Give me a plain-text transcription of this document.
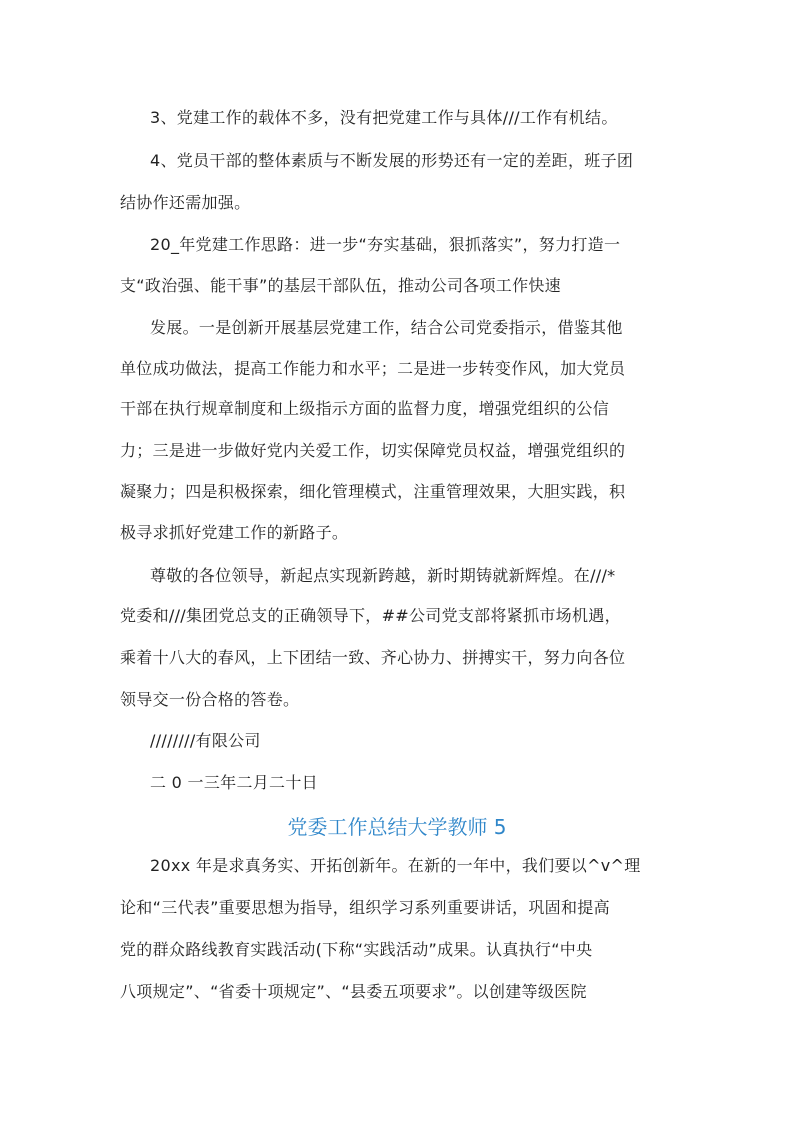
3、党建工作的载体不多，没有把党建工作与具体///工作有机结。
4、党员干部的整体素质与不断发展的形势还有一定的差距，班子团
结协作还需加强。
20_年党建工作思路：进一步“夯实基础，狠抓落实”，努力打造一
支“政治强、能干事”的基层干部队伍，推动公司各项工作快速
发展。一是创新开展基层党建工作，结合公司党委指示，借鉴其他
单位成功做法，提高工作能力和水平；二是进一步转变作风，加大党员
干部在执行规章制度和上级指示方面的监督力度，增强党组织的公信
力；三是进一步做好党内关爱工作，切实保障党员权益，增强党组织的
凝聚力；四是积极探索，细化管理模式，注重管理效果，大胆实践，积
极寻求抓好党建工作的新路子。
尊敬的各位领导，新起点实现新跨越，新时期铸就新辉煌。在///*
党委和///集团党总支的正确领导下，##公司党支部将紧抓市场机遇，
乘着十八大的春风，上下团结一致、齐心协力、拼搏实干，努力向各位
领导交一份合格的答卷。
////////有限公司
二 0 一三年二月二十日
党委工作总结大学教师 5
20xx 年是求真务实、开拓创新年。在新的一年中，我们要以^v^理
论和“三代表”重要思想为指导，组织学习系列重要讲话，巩固和提高
党的群众路线教育实践活动(下称“实践活动”成果。认真执行“中央
八项规定”、“省委十项规定”、“县委五项要求”。以创建等级医院
